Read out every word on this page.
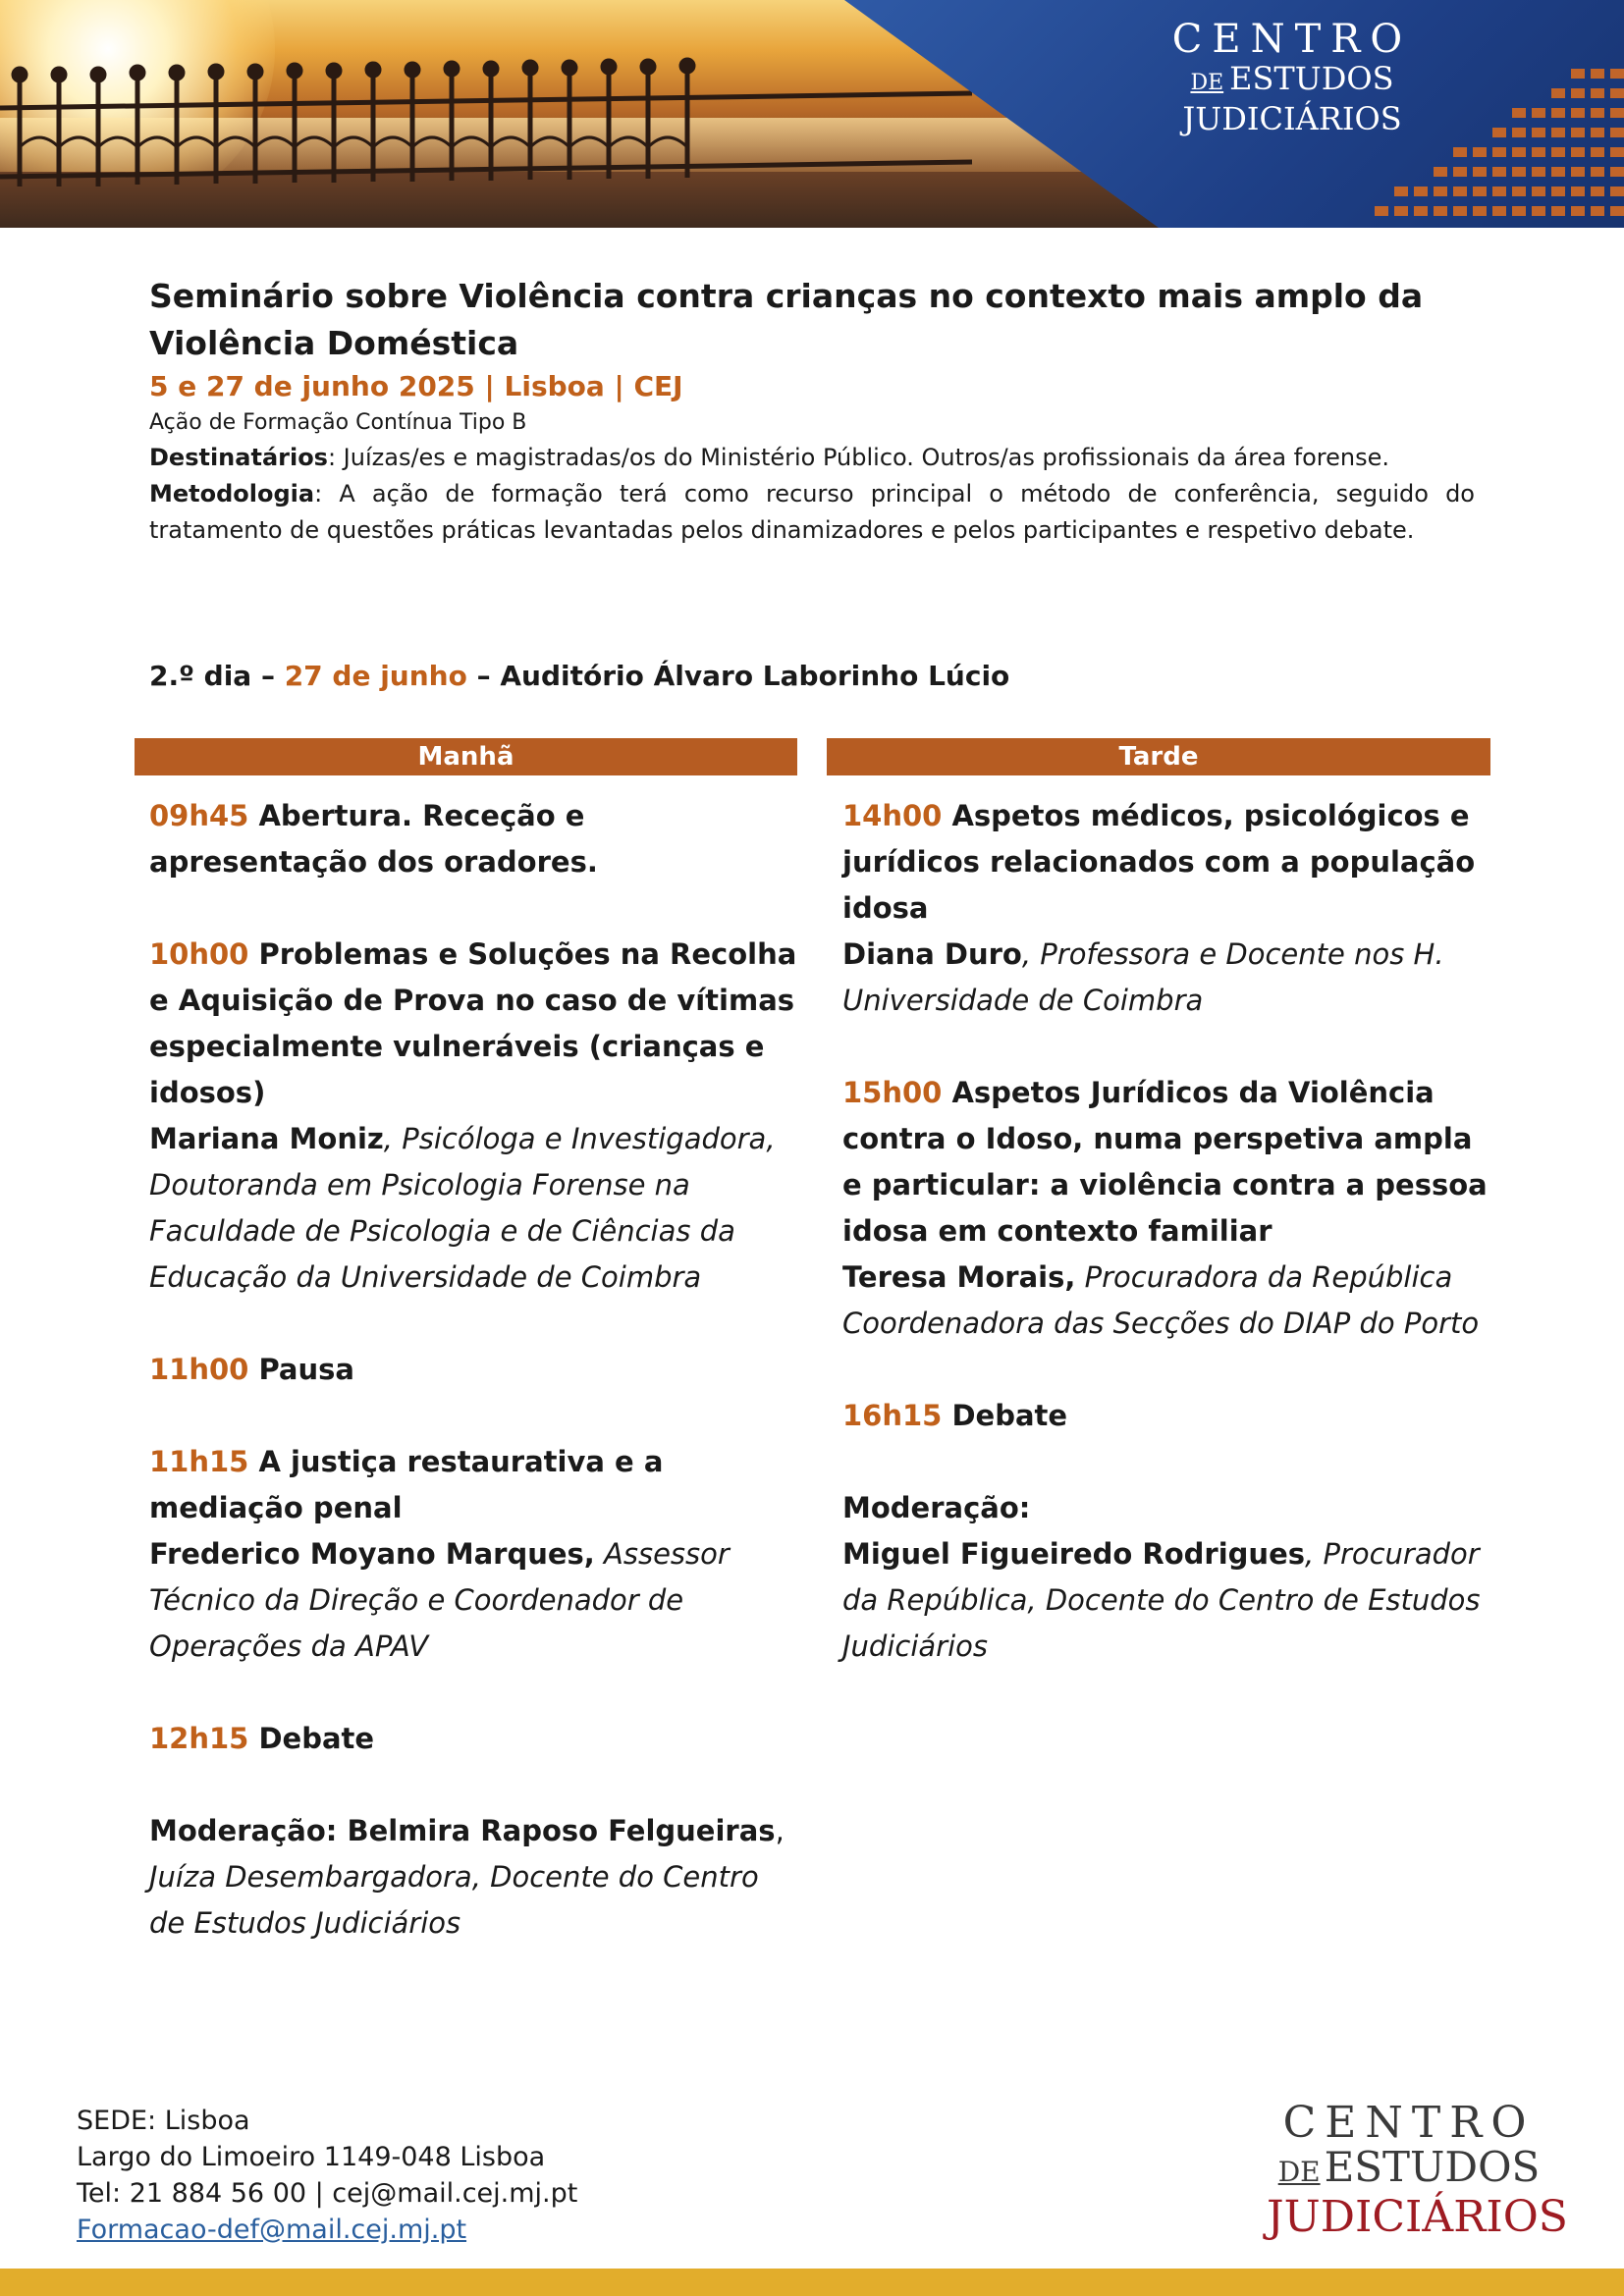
CENTRO
DE ESTUDOS
JUDICIÁRIOS
Seminário sobre Violência contra crianças no contexto mais amplo da Violência Doméstica
5 e 27 de junho 2025 | Lisboa | CEJ
Ação de Formação Contínua Tipo B
Destinatários: Juízas/es e magistradas/os do Ministério Público. Outros/as profissionais da área forense.
Metodologia: A ação de formação terá como recurso principal o método de conferência, seguido do tratamento de questões práticas levantadas pelos dinamizadores e pelos participantes e respetivo debate.
2.º dia – 27 de junho – Auditório Álvaro Laborinho Lúcio
Manhã	Tarde
09h45 Abertura. Receção e apresentação dos oradores.
10h00 Problemas e Soluções na Recolha e Aquisição de Prova no caso de vítimas especialmente vulneráveis (crianças e idosos)
Mariana Moniz, Psicóloga e Investigadora, Doutoranda em Psicologia Forense na Faculdade de Psicologia e de Ciências da Educação da Universidade de Coimbra
11h00 Pausa
11h15 A justiça restaurativa e a mediação penal
Frederico Moyano Marques, Assessor Técnico da Direção e Coordenador de Operações da APAV
12h15 Debate
Moderação: Belmira Raposo Felgueiras,
Juíza Desembargadora, Docente do Centro de Estudos Judiciários
14h00 Aspetos médicos, psicológicos e jurídicos relacionados com a população idosa
Diana Duro, Professora e Docente nos H. Universidade de Coimbra
15h00 Aspetos Jurídicos da Violência contra o Idoso, numa perspetiva ampla e particular: a violência contra a pessoa idosa em contexto familiar
Teresa Morais, Procuradora da República Coordenadora das Secções do DIAP do Porto
16h15 Debate
Moderação:
Miguel Figueiredo Rodrigues, Procurador da República, Docente do Centro de Estudos Judiciários
SEDE: Lisboa
Largo do Limoeiro 1149-048 Lisboa
Tel: 21 884 56 00 | cej@mail.cej.mj.pt
Formacao-def@mail.cej.mj.pt
CENTRO
DEESTUDOS
JUDICIÁRIOS
